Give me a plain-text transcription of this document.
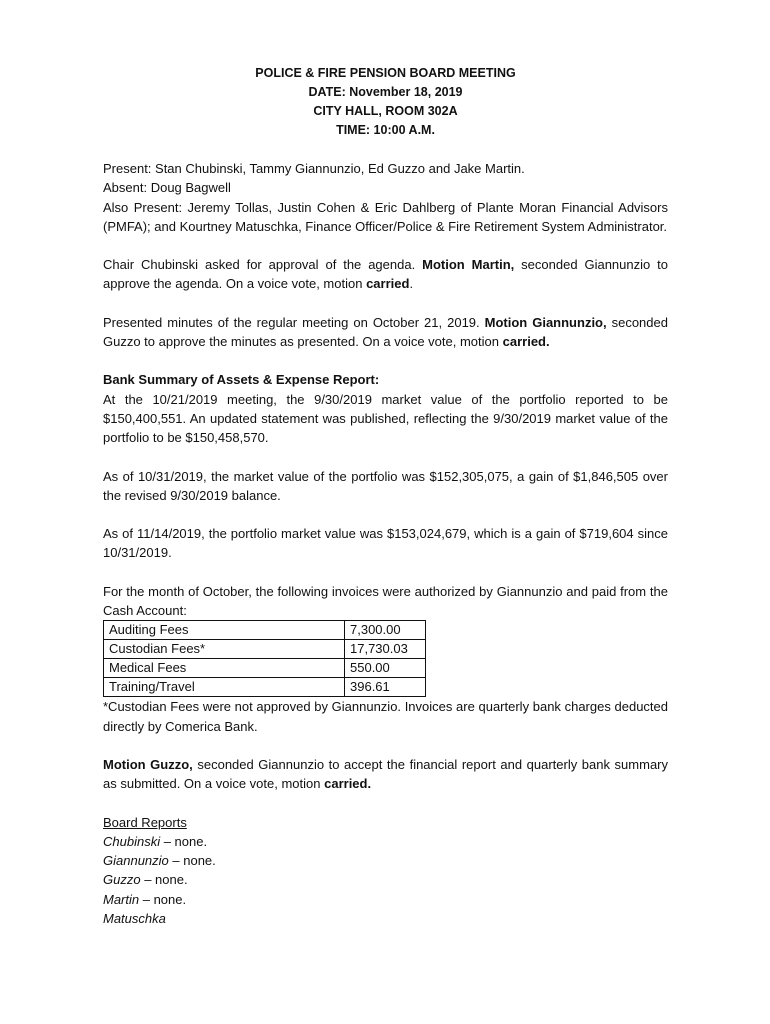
POLICE & FIRE PENSION BOARD MEETING
DATE: November 18, 2019
CITY HALL, ROOM 302A
TIME: 10:00 A.M.

Present: Stan Chubinski, Tammy Giannunzio, Ed Guzzo and Jake Martin.

Absent: Doug Bagwell

Also Present: Jeremy Tollas, Justin Cohen & Eric Dahlberg of Plante Moran Financial Advisors (PMFA); and Kourtney Matuschka, Finance Officer/Police & Fire Retirement System Administrator.

Chair Chubinski asked for approval of the agenda. Motion Martin, seconded Giannunzio to approve the agenda. On a voice vote, motion carried.

Presented minutes of the regular meeting on October 21, 2019. Motion Giannunzio, seconded Guzzo to approve the minutes as presented. On a voice vote, motion carried.

Bank Summary of Assets & Expense Report:

At the 10/21/2019 meeting, the 9/30/2019 market value of the portfolio reported to be $150,400,551. An updated statement was published, reflecting the 9/30/2019 market value of the portfolio to be $150,458,570.

As of 10/31/2019, the market value of the portfolio was $152,305,075, a gain of $1,846,505 over the revised 9/30/2019 balance.

As of 11/14/2019, the portfolio market value was $153,024,679, which is a gain of $719,604 since 10/31/2019.

For the month of October, the following invoices were authorized by Giannunzio and paid from the Cash Account:

Auditing Fees	7,300.00
Custodian Fees*	17,730.03
Medical Fees	550.00
Training/Travel	396.61

*Custodian Fees were not approved by Giannunzio. Invoices are quarterly bank charges deducted directly by Comerica Bank.

Motion Guzzo, seconded Giannunzio to accept the financial report and quarterly bank summary as submitted. On a voice vote, motion carried.

Board Reports

Chubinski – none.

Giannunzio – none.

Guzzo – none.

Martin – none.

Matuschka
